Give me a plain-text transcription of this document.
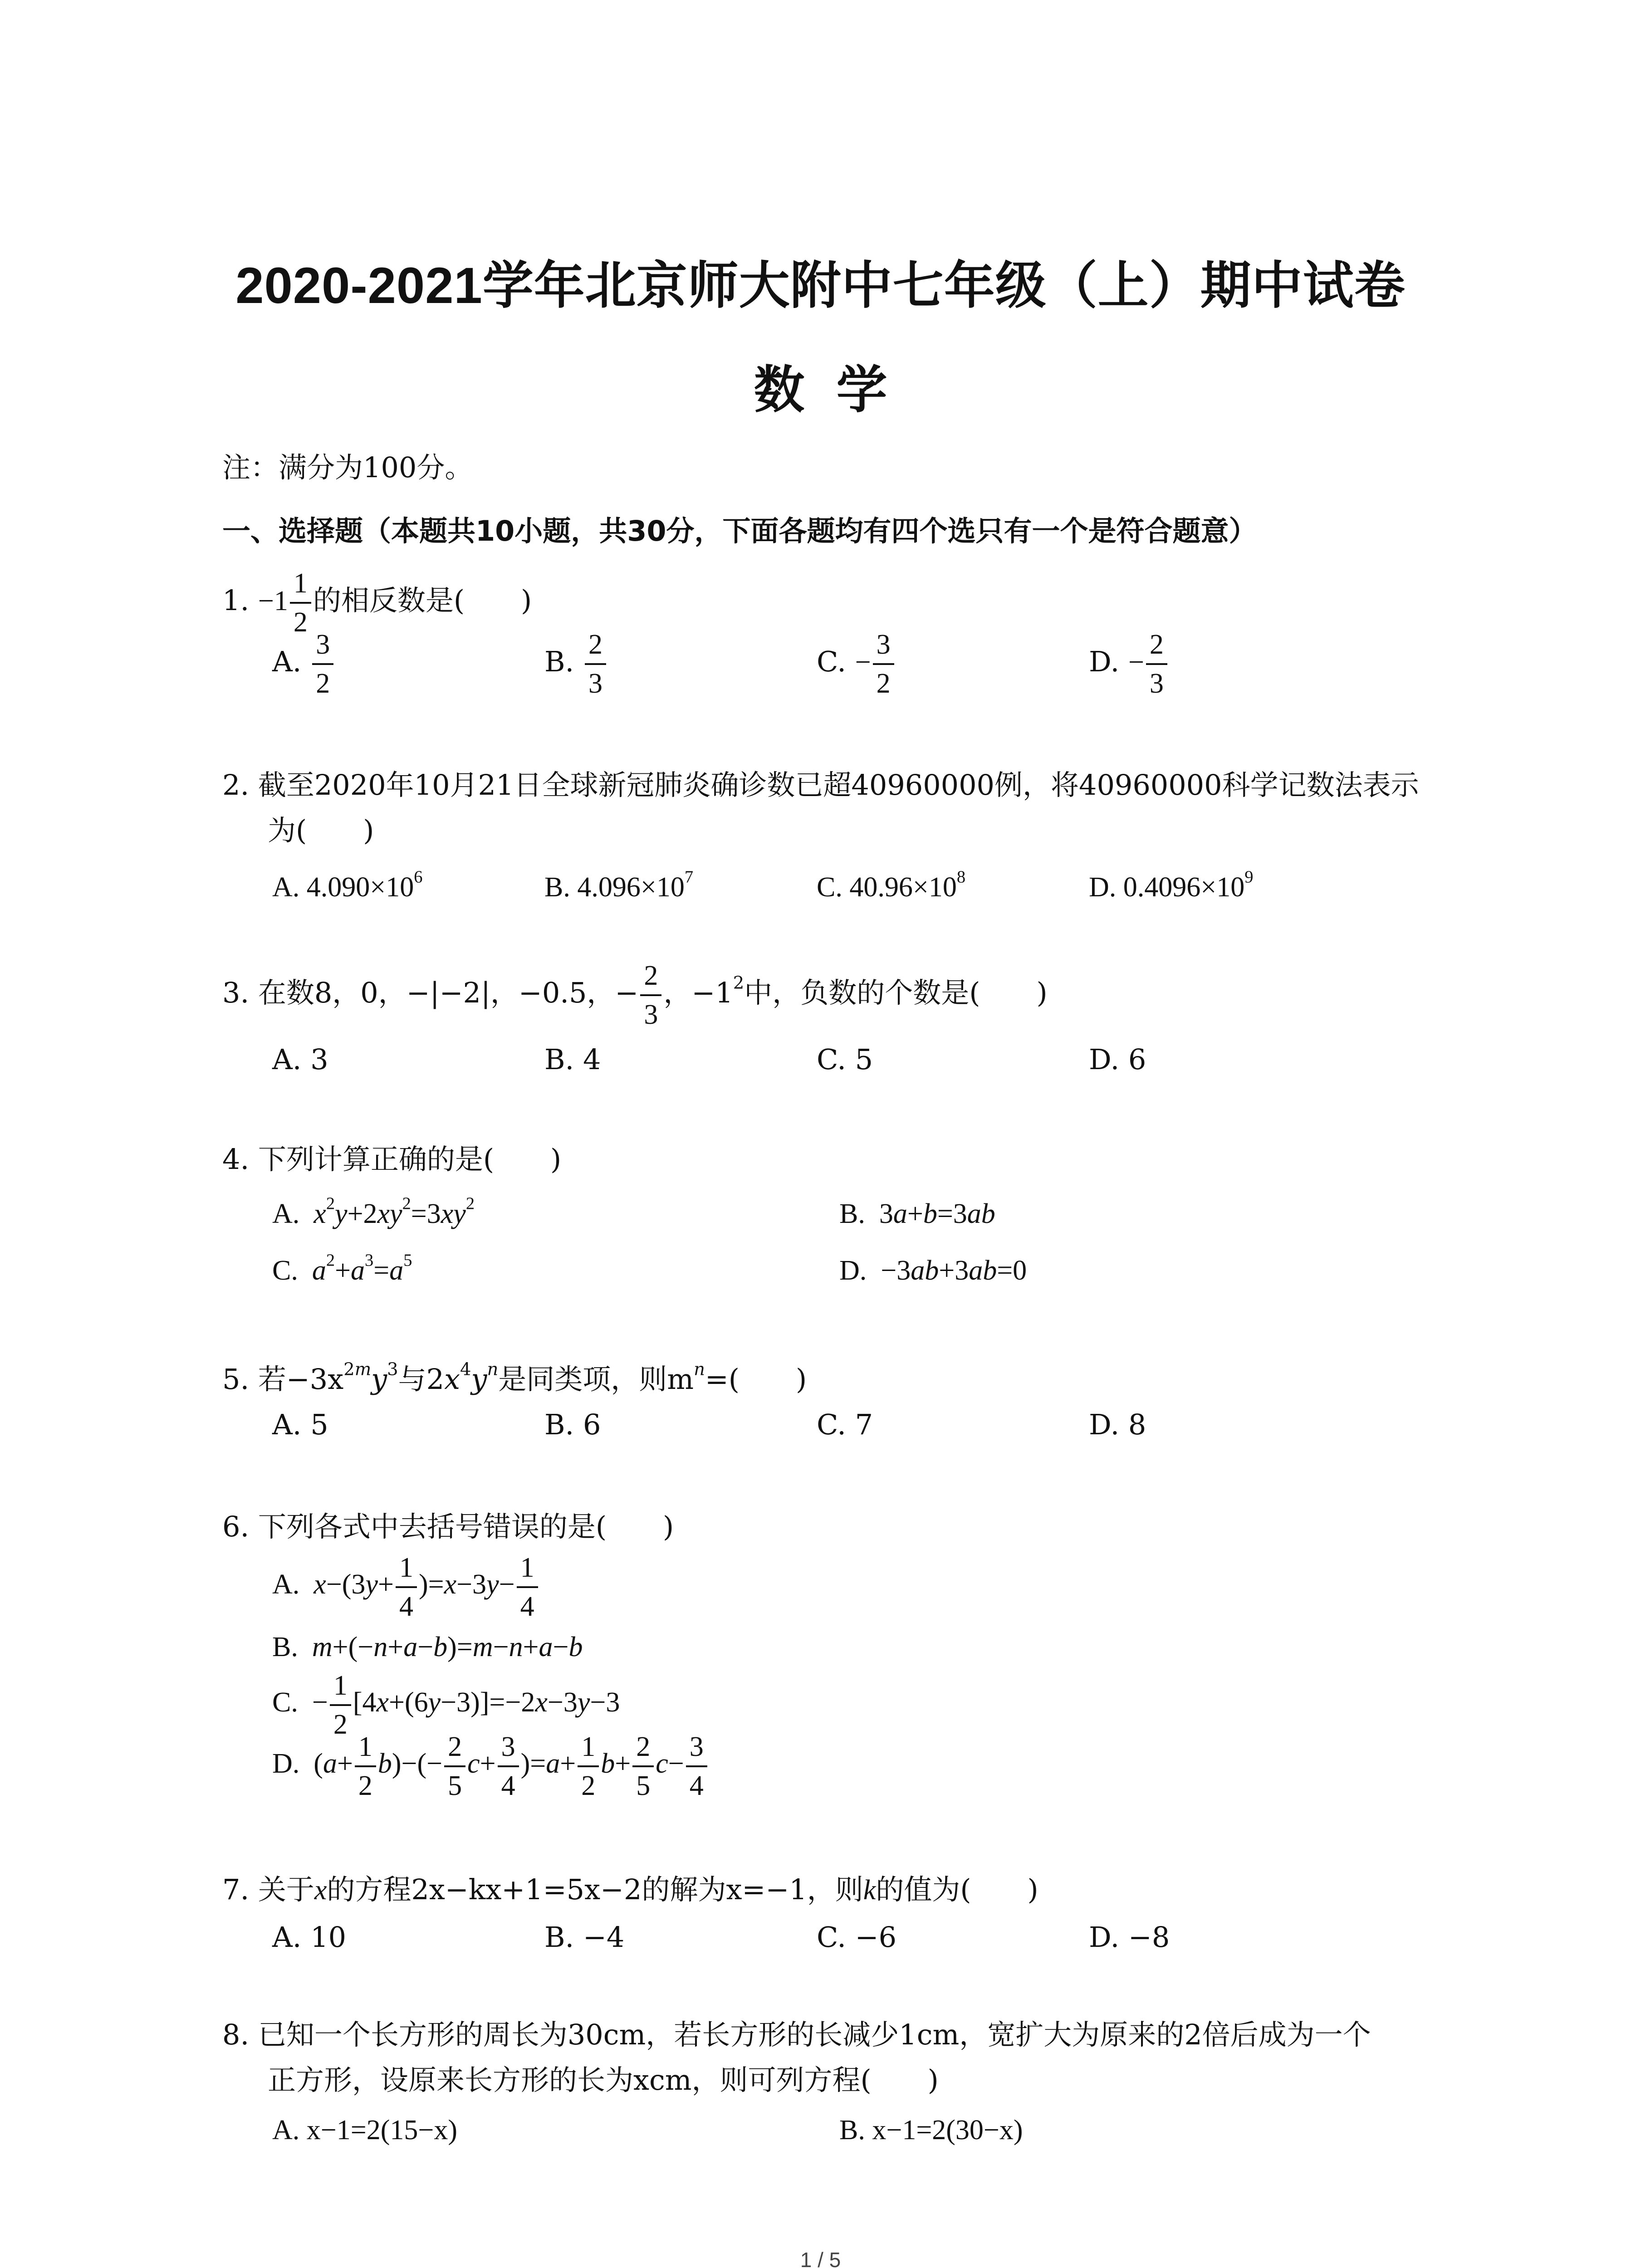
2020-2021学年北京师大附中七年级（上）期中试卷
数学
注：满分为100分。
一、选择题（本题共10小题，共30分，下面各题均有四个选只有一个是符合题意）
1. $-1 \frac{1}{2}$ 的相反数是(　　)
A. $\frac{3}{2}$	B. $\frac{2}{3}$	C. − $\frac{3}{2}$	D. − $\frac{2}{3}$
2. 截至2020年10月21日全球新冠肺炎确诊数已超40960000例，将40960000科学记数法表示
为(　　)
A. $4.090\times 10^6$	B. $4.096\times 10^7$	C. $40.96\times 10^8$	D. $0.4096\times 10^9$
3. 在数8，0，−|−2|，−0.5，− $\frac{2}{3}$ ，$-1^2$中，负数的个数是(　　)
A. 3	B. 4	C. 5	D. 6
4. 下列计算正确的是(　　)
A. $x^2y+2xy^2=3xy^2$	B.  3a+b=3ab
C. $a^2+a^3=a^5$	D.  −3ab+3ab=0
5. 若$-3x^{2m}y^3$与$2x^4y^n$是同类项，则$m^n=$(　　)
A. 5	B. 6	C. 7	D. 8
6. 下列各式中去括号错误的是(　　)
A. $x-(3y+ \frac{1}{4} )=x-3y- \frac{1}{4}$
B. m+(−n+a−b)=m−n+a−b
C.  − $\frac{1}{2} [4x+(6y-3)]=-2x-3y-3$
D.  $(a+ \frac{1}{2} b)-(- \frac{2}{5} c+ \frac{3}{4} )=a+ \frac{1}{2} b+ \frac{2}{5} c- \frac{3}{4}$
7. 关于x的方程2x−kx+1=5x−2的解为x=−1，则k的值为(　　)
A. 10	B. −4	C. −6	D. −8
8. 已知一个长方形的周长为30cm，若长方形的长减少1cm，宽扩大为原来的2倍后成为一个
正方形，设原来长方形的长为xcm，则可列方程(　　)
A. x−1=2(15−x)	B. x−1=2(30−x)
1 / 5
